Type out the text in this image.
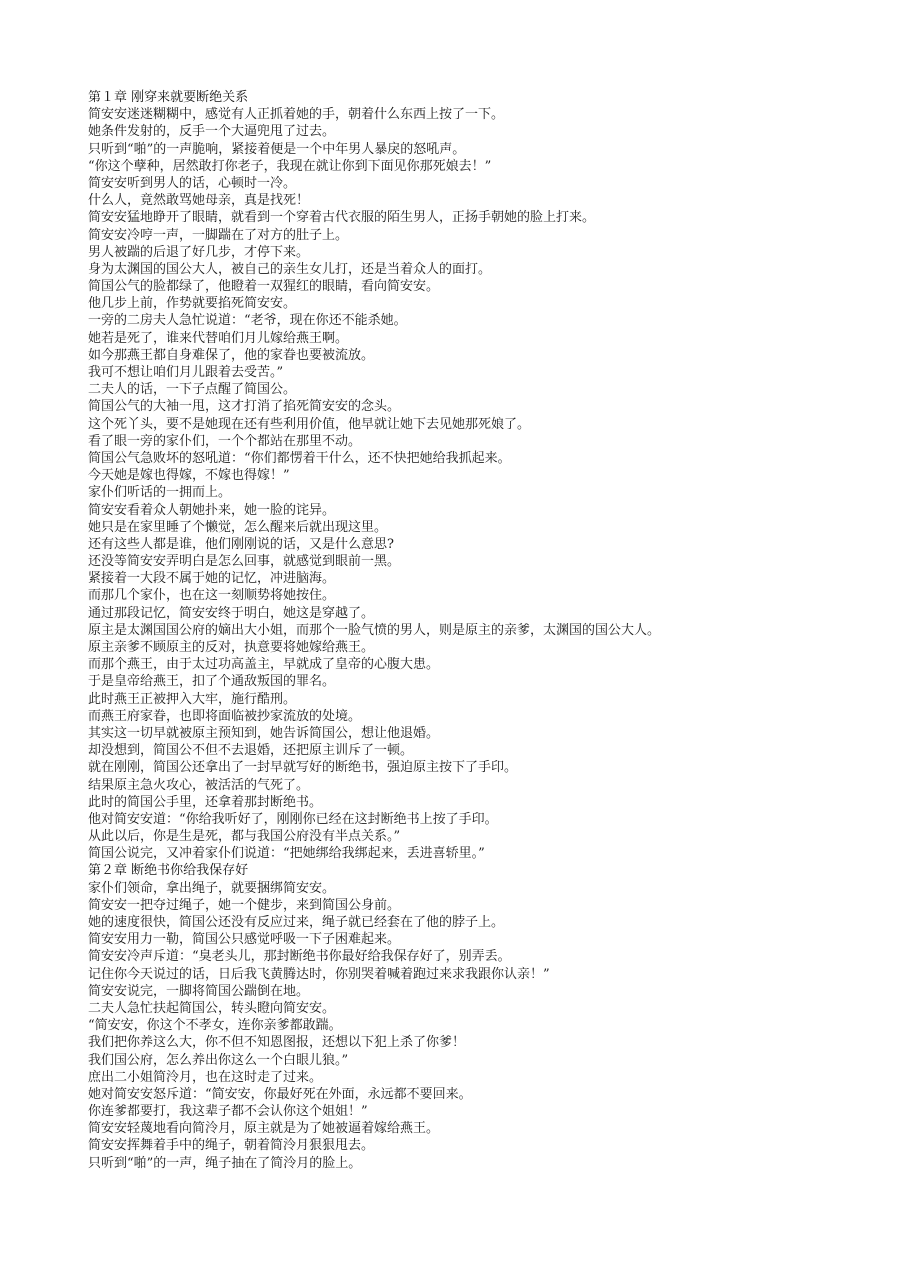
第１章 刚穿来就要断绝关系
简安安迷迷糊糊中，感觉有人正抓着她的手，朝着什么东西上按了一下。
她条件发射的，反手一个大逼兜甩了过去。
只听到“啪”的一声脆响，紧接着便是一个中年男人暴戾的怒吼声。
“你这个孽种，居然敢打你老子，我现在就让你到下面见你那死娘去！”
简安安听到男人的话，心顿时一冷。
什么人，竟然敢骂她母亲，真是找死！
简安安猛地睁开了眼睛，就看到一个穿着古代衣服的陌生男人，正扬手朝她的脸上打来。
简安安冷哼一声，一脚踹在了对方的肚子上。
男人被踹的后退了好几步，才停下来。
身为太渊国的国公大人，被自己的亲生女儿打，还是当着众人的面打。
简国公气的脸都绿了，他瞪着一双猩红的眼睛，看向简安安。
他几步上前，作势就要掐死简安安。
一旁的二房夫人急忙说道：“老爷，现在你还不能杀她。
她若是死了，谁来代替咱们月儿嫁给燕王啊。
如今那燕王都自身难保了，他的家眷也要被流放。
我可不想让咱们月儿跟着去受苦。”
二夫人的话，一下子点醒了简国公。
简国公气的大袖一甩，这才打消了掐死简安安的念头。
这个死丫头，要不是她现在还有些利用价值，他早就让她下去见她那死娘了。
看了眼一旁的家仆们，一个个都站在那里不动。
简国公气急败坏的怒吼道：“你们都愣着干什么，还不快把她给我抓起来。
今天她是嫁也得嫁，不嫁也得嫁！”
家仆们听话的一拥而上。
简安安看着众人朝她扑来，她一脸的诧异。
她只是在家里睡了个懒觉，怎么醒来后就出现这里。
还有这些人都是谁，他们刚刚说的话，又是什么意思?
还没等简安安弄明白是怎么回事，就感觉到眼前一黑。
紧接着一大段不属于她的记忆，冲进脑海。
而那几个家仆，也在这一刻顺势将她按住。
通过那段记忆，简安安终于明白，她这是穿越了。
原主是太渊国国公府的嫡出大小姐，而那个一脸气愤的男人，则是原主的亲爹，太渊国的国公大人。
原主亲爹不顾原主的反对，执意要将她嫁给燕王。
而那个燕王，由于太过功高盖主，早就成了皇帝的心腹大患。
于是皇帝给燕王，扣了个通敌叛国的罪名。
此时燕王正被押入大牢，施行酷刑。
而燕王府家眷，也即将面临被抄家流放的处境。
其实这一切早就被原主预知到，她告诉简国公，想让他退婚。
却没想到，简国公不但不去退婚，还把原主训斥了一顿。
就在刚刚，简国公还拿出了一封早就写好的断绝书，强迫原主按下了手印。
结果原主急火攻心，被活活的气死了。
此时的简国公手里，还拿着那封断绝书。
他对简安安道：“你给我听好了，刚刚你已经在这封断绝书上按了手印。
从此以后，你是生是死，都与我国公府没有半点关系。”
简国公说完，又冲着家仆们说道：“把她绑给我绑起来，丢进喜轿里。”
第２章 断绝书你给我保存好
家仆们领命，拿出绳子，就要捆绑简安安。
简安安一把夺过绳子，她一个健步，来到简国公身前。
她的速度很快，简国公还没有反应过来，绳子就已经套在了他的脖子上。
简安安用力一勒，简国公只感觉呼吸一下子困难起来。
简安安冷声斥道：“臭老头儿，那封断绝书你最好给我保存好了，别弄丢。
记住你今天说过的话，日后我飞黄腾达时，你别哭着喊着跑过来求我跟你认亲！”
简安安说完，一脚将简国公踹倒在地。
二夫人急忙扶起简国公，转头瞪向简安安。
“简安安，你这个不孝女，连你亲爹都敢踹。
我们把你养这么大，你不但不知恩图报，还想以下犯上杀了你爹！
我们国公府，怎么养出你这么一个白眼儿狼。”
庶出二小姐简泠月，也在这时走了过来。
她对简安安怒斥道：“简安安，你最好死在外面，永远都不要回来。
你连爹都要打，我这辈子都不会认你这个姐姐！”
简安安轻蔑地看向简泠月，原主就是为了她被逼着嫁给燕王。
简安安挥舞着手中的绳子，朝着简泠月狠狠甩去。
只听到“啪”的一声，绳子抽在了简泠月的脸上。
